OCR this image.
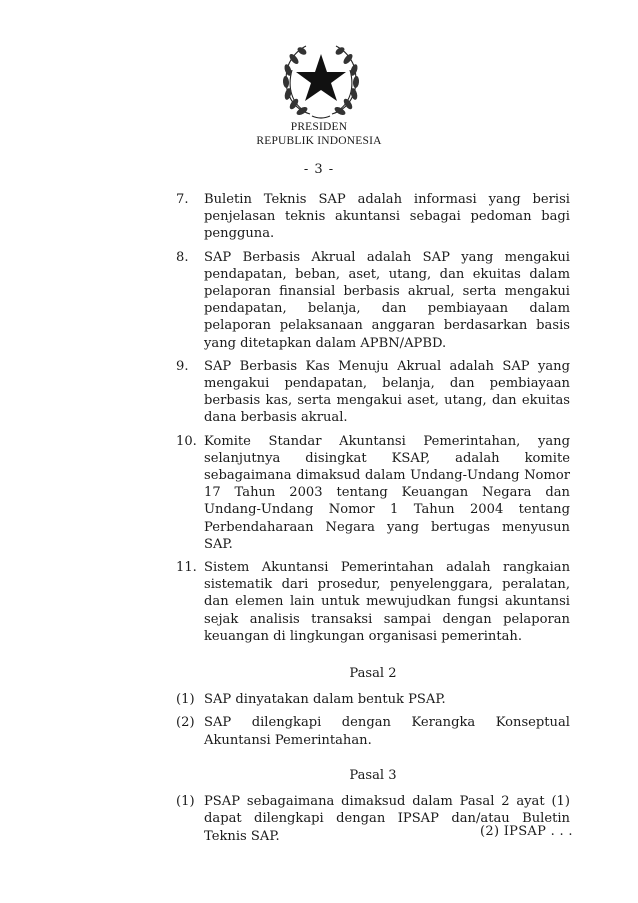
PRESIDEN
REPUBLIK INDONESIA
- 3 -
7. Buletin Teknis SAP adalah informasi yang berisi penjelasan teknis akuntansi sebagai pedoman bagi pengguna.
8. SAP Berbasis Akrual adalah SAP yang mengakui pendapatan, beban, aset, utang, dan ekuitas dalam pelaporan finansial berbasis akrual, serta mengakui pendapatan, belanja, dan pembiayaan dalam pelaporan pelaksanaan anggaran berdasarkan basis yang ditetapkan dalam APBN/APBD.
9. SAP Berbasis Kas Menuju Akrual adalah SAP yang mengakui pendapatan, belanja, dan pembiayaan berbasis kas, serta mengakui aset, utang, dan ekuitas dana berbasis akrual.
10. Komite Standar Akuntansi Pemerintahan, yang selanjutnya disingkat KSAP, adalah komite sebagaimana dimaksud dalam Undang-Undang Nomor 17 Tahun 2003 tentang Keuangan Negara dan Undang-Undang Nomor 1 Tahun 2004 tentang Perbendaharaan Negara yang bertugas menyusun SAP.
11. Sistem Akuntansi Pemerintahan adalah rangkaian sistematik dari prosedur, penyelenggara, peralatan, dan elemen lain untuk mewujudkan fungsi akuntansi sejak analisis transaksi sampai dengan pelaporan keuangan di lingkungan organisasi pemerintah.
Pasal 2
(1) SAP dinyatakan dalam bentuk PSAP.
(2) SAP dilengkapi dengan Kerangka Konseptual Akuntansi Pemerintahan.
Pasal 3
(1) PSAP sebagaimana dimaksud dalam Pasal 2 ayat (1) dapat dilengkapi dengan IPSAP dan/atau Buletin Teknis SAP.	(2) IPSAP . . .
